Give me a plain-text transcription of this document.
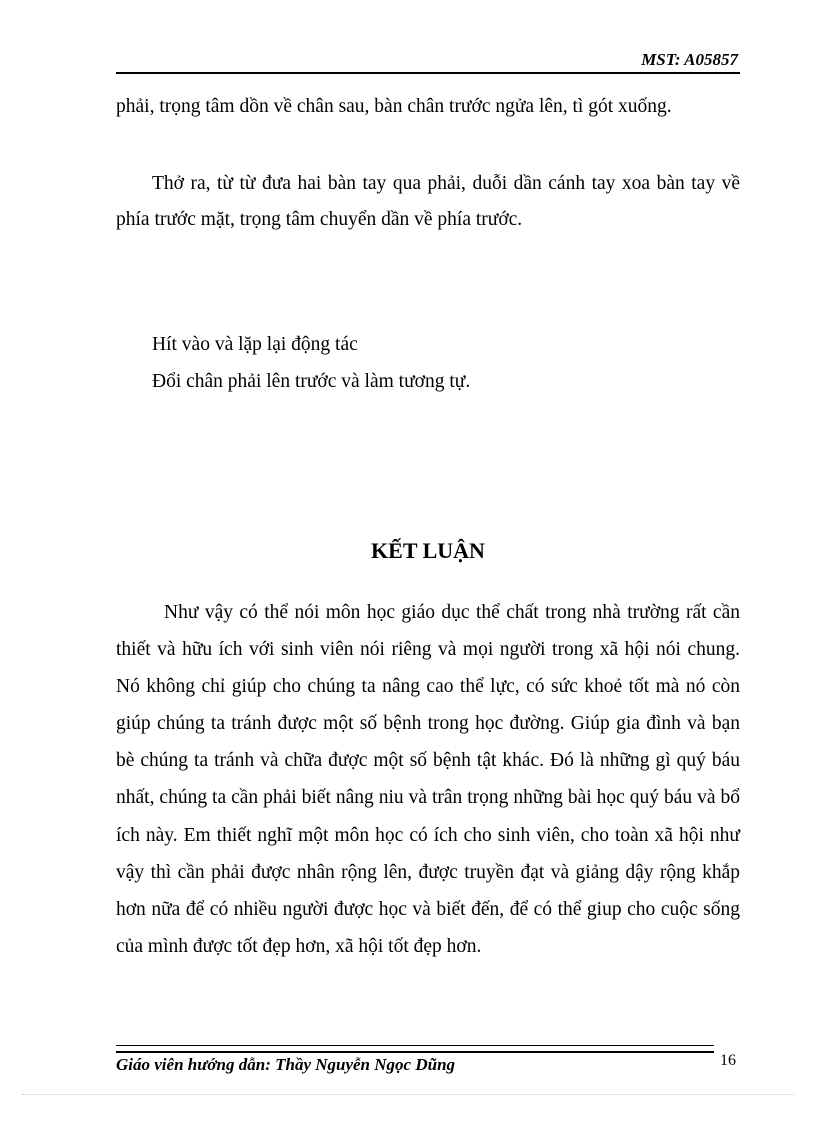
MST: A05857

phải, trọng tâm dồn về chân sau, bàn chân trước ngửa lên, tì gót xuống.

Thở ra, từ từ đưa hai bàn tay qua phải, duỗi dần cánh tay xoa bàn tay về phía trước mặt, trọng tâm chuyển dần về phía trước.

Hít vào và lặp lại động tác

Đổi chân phải lên trước và làm tương tự.

KẾT LUẬN

Như vậy có thể nói môn học giáo dục thể chất trong nhà trường rất cần thiết và hữu ích với sinh viên nói riêng và mọi người trong xã hội nói chung. Nó không chỉ giúp cho chúng ta nâng cao thể lực, có sức khoẻ tốt mà nó còn giúp chúng ta tránh được một số bệnh trong học đường. Giúp gia đình và bạn bè chúng ta tránh và chữa được một số bệnh tật khác. Đó là những gì quý báu nhất, chúng ta cần phải biết nâng niu và trân trọng những bài học quý báu và bổ ích này. Em thiết nghĩ một môn học có ích cho sinh viên, cho toàn xã hội như vậy thì cần phải được nhân rộng lên, được truyền đạt và giảng dậy rộng khắp hơn nữa để có nhiều người được học và biết đến, để có thể giup cho cuộc sống của mình được tốt đẹp hơn, xã hội tốt đẹp hơn.

Giáo viên hướng dẫn: Thầy Nguyễn Ngọc Dũng	16
